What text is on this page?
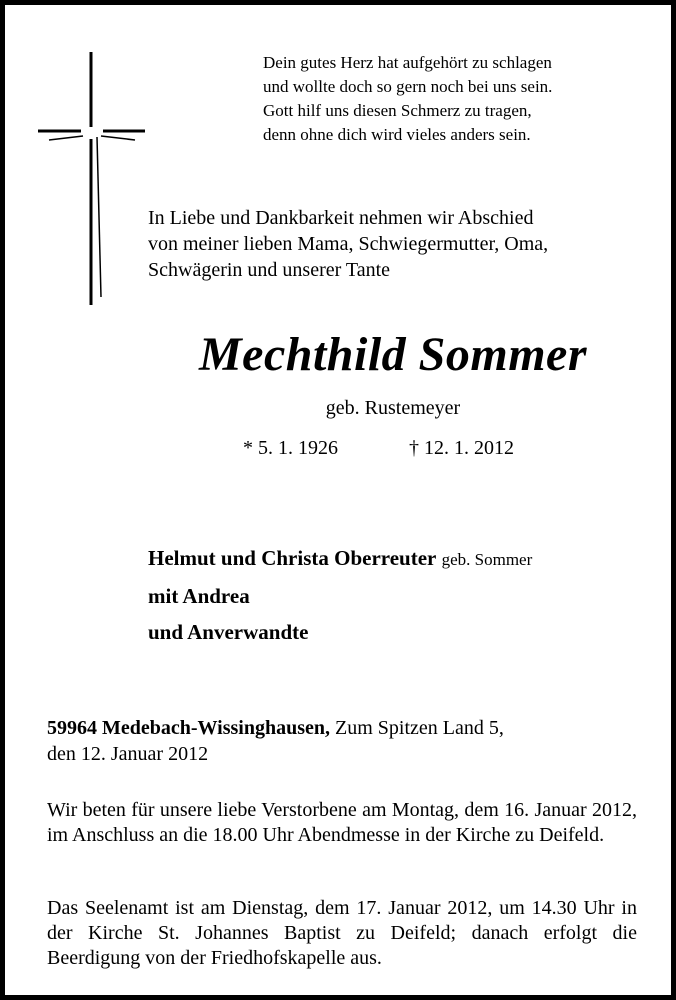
Dein gutes Herz hat aufgehört zu schlagen
und wollte doch so gern noch bei uns sein.
Gott hilf uns diesen Schmerz zu tragen,
denn ohne dich wird vieles anders sein.
In Liebe und Dankbarkeit nehmen wir Abschied
von meiner lieben Mama, Schwiegermutter, Oma,
Schwägerin und unserer Tante
Mechthild Sommer
geb. Rustemeyer
* 5. 1. 1926	† 12. 1. 2012
Helmut und Christa Oberreuter geb. Sommer
mit Andrea
und Anverwandte
59964 Medebach-Wissinghausen, Zum Spitzen Land 5,
den 12. Januar 2012
Wir beten für unsere liebe Verstorbene am Montag, dem 16. Januar 2012, im Anschluss an die 18.00 Uhr Abendmesse in der Kirche zu Deifeld.
Das Seelenamt ist am Dienstag, dem 17. Januar 2012, um 14.30 Uhr in der Kirche St. Johannes Baptist zu Deifeld; danach erfolgt die Beerdigung von der Friedhofskapelle aus.
